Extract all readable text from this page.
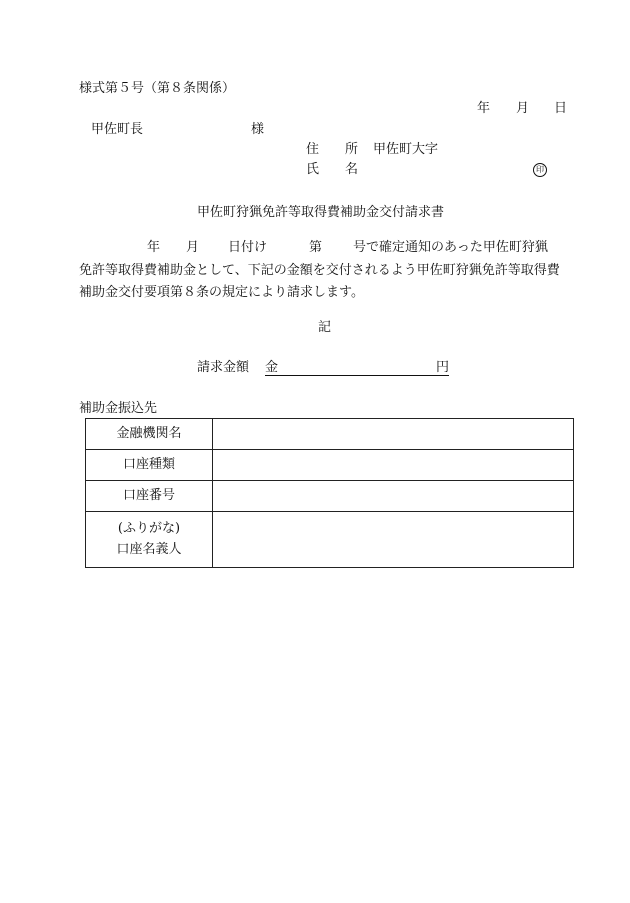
様式第５号（第８条関係）
年 月 日
甲佐町長	様
住 所 甲佐町大字
氏 名	印
甲佐町狩猟免許等取得費補助金交付請求書
年 月 日付け	第 号で確定通知のあった甲佐町狩猟
免許等取得費補助金として、下記の金額を交付されるよう甲佐町狩猟免許等取得費
補助金交付要項第８条の規定により請求します。
記
請求金額 金	円
補助金振込先
金融機関名	
口座種類	
口座番号	

(ふりがな)
口座名義人	
